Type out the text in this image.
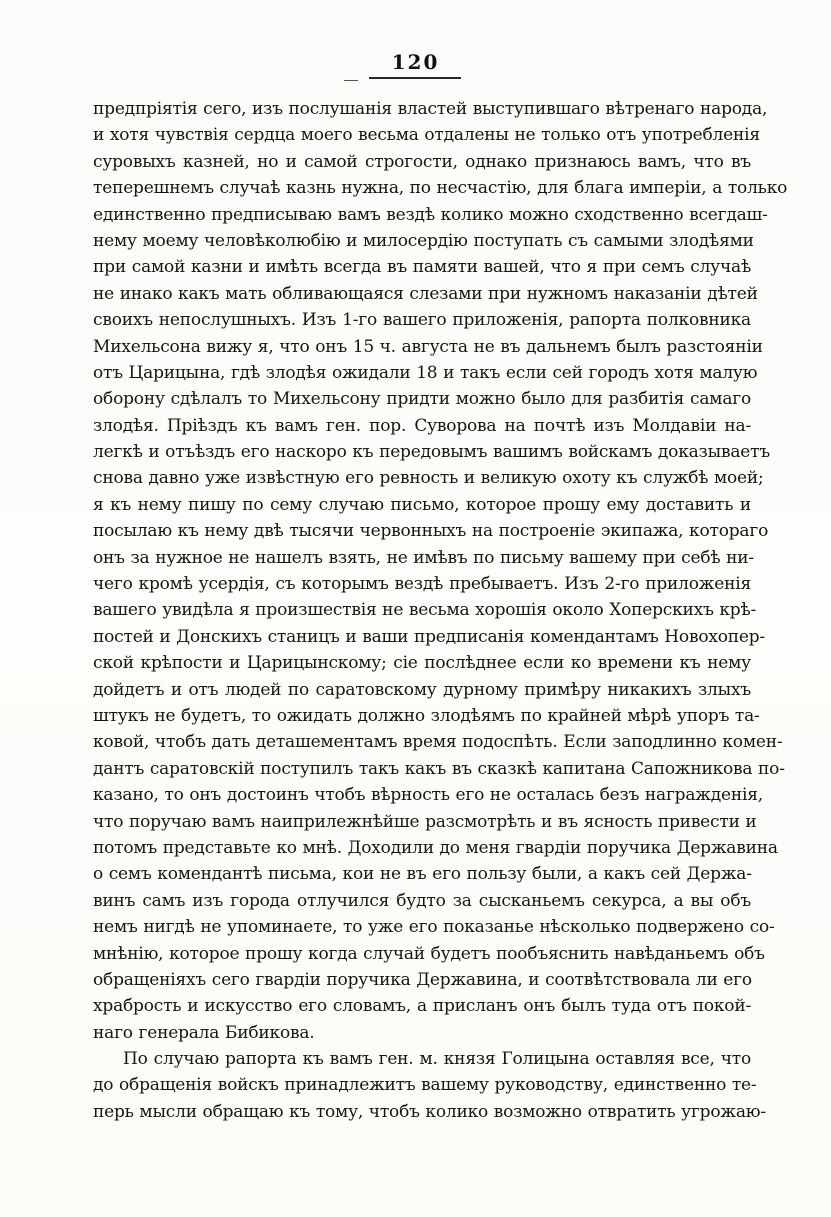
120
предпріятія сего, изъ послушанія властей выступившаго вѣтренаго народа,
и хотя чувствія сердца моего весьма отдалены не только отъ употребленія
суровыхъ казней, но и самой строгости, однако признаюсь вамъ, что въ
теперешнемъ случаѣ казнь нужна, по несчастію, для блага имперіи, а только
единственно предписываю вамъ вездѣ колико можно сходственно всегдаш-
нему моему человѣколюбію и милосердію поступать съ самыми злодѣями
при самой казни и имѣть всегда въ памяти вашей, что я при семъ случаѣ
не инако какъ мать обливающаяся слезами при нужномъ наказаніи дѣтей
своихъ непослушныхъ. Изъ 1-го вашего приложенія, рапорта полковника
Михельсона вижу я, что онъ 15 ч. августа не въ дальнемъ былъ разстояніи
отъ Царицына, гдѣ злодѣя ожидали 18 и такъ если сей городъ хотя малую
оборону сдѣлалъ то Михельсону придти можно было для разбитія самаго
злодѣя. Пріѣздъ къ вамъ ген. пор. Суворова на почтѣ изъ Молдавіи на-
легкѣ и отъѣздъ его наскоро къ передовымъ вашимъ войскамъ доказываетъ
снова давно уже извѣстную его ревность и великую охоту къ службѣ моей;
я къ нему пишу по сему случаю письмо, которое прошу ему доставить и
посылаю къ нему двѣ тысячи червонныхъ на построеніе экипажа, котораго
онъ за нужное не нашелъ взять, не имѣвъ по письму вашему при себѣ ни-
чего кромѣ усердія, съ которымъ вездѣ пребываетъ. Изъ 2-го приложенія
вашего увидѣла я произшествія не весьма хорошія около Хоперскихъ крѣ-
постей и Донскихъ станицъ и ваши предписанія комендантамъ Новохопер-
ской крѣпости и Царицынскому; сіе послѣднее если ко времени къ нему
дойдетъ и отъ людей по саратовскому дурному примѣру никакихъ злыхъ
штукъ не будетъ, то ожидать должно злодѣямъ по крайней мѣрѣ упоръ та-
ковой, чтобъ дать деташементамъ время подоспѣть. Если заподлинно комен-
дантъ саратовскій поступилъ такъ какъ въ сказкѣ капитана Сапожникова по-
казано, то онъ достоинъ чтобъ вѣрность его не осталась безъ награжденія,
что поручаю вамъ наиприлежнѣйше разсмотрѣть и въ ясность привести и
потомъ представьте ко мнѣ. Доходили до меня гвардіи поручика Державина
о семъ комендантѣ письма, кои не въ его пользу были, а какъ сей Держа-
винъ самъ изъ города отлучился будто за сысканьемъ секурса, а вы объ
немъ нигдѣ не упоминаете, то уже его показанье нѣсколько подвержено со-
мнѣнію, которое прошу когда случай будетъ пообъяснить навѣданьемъ объ
обращеніяхъ сего гвардіи поручика Державина, и соотвѣтствовала ли его
храбрость и искусство его словамъ, а присланъ онъ былъ туда отъ покой-
наго генерала Бибикова.
По случаю рапорта къ вамъ ген. м. князя Голицына оставляя все, что
до обращенія войскъ принадлежитъ вашему руководству, единственно те-
перь мысли обращаю къ тому, чтобъ колико возможно отвратить угрожаю-
